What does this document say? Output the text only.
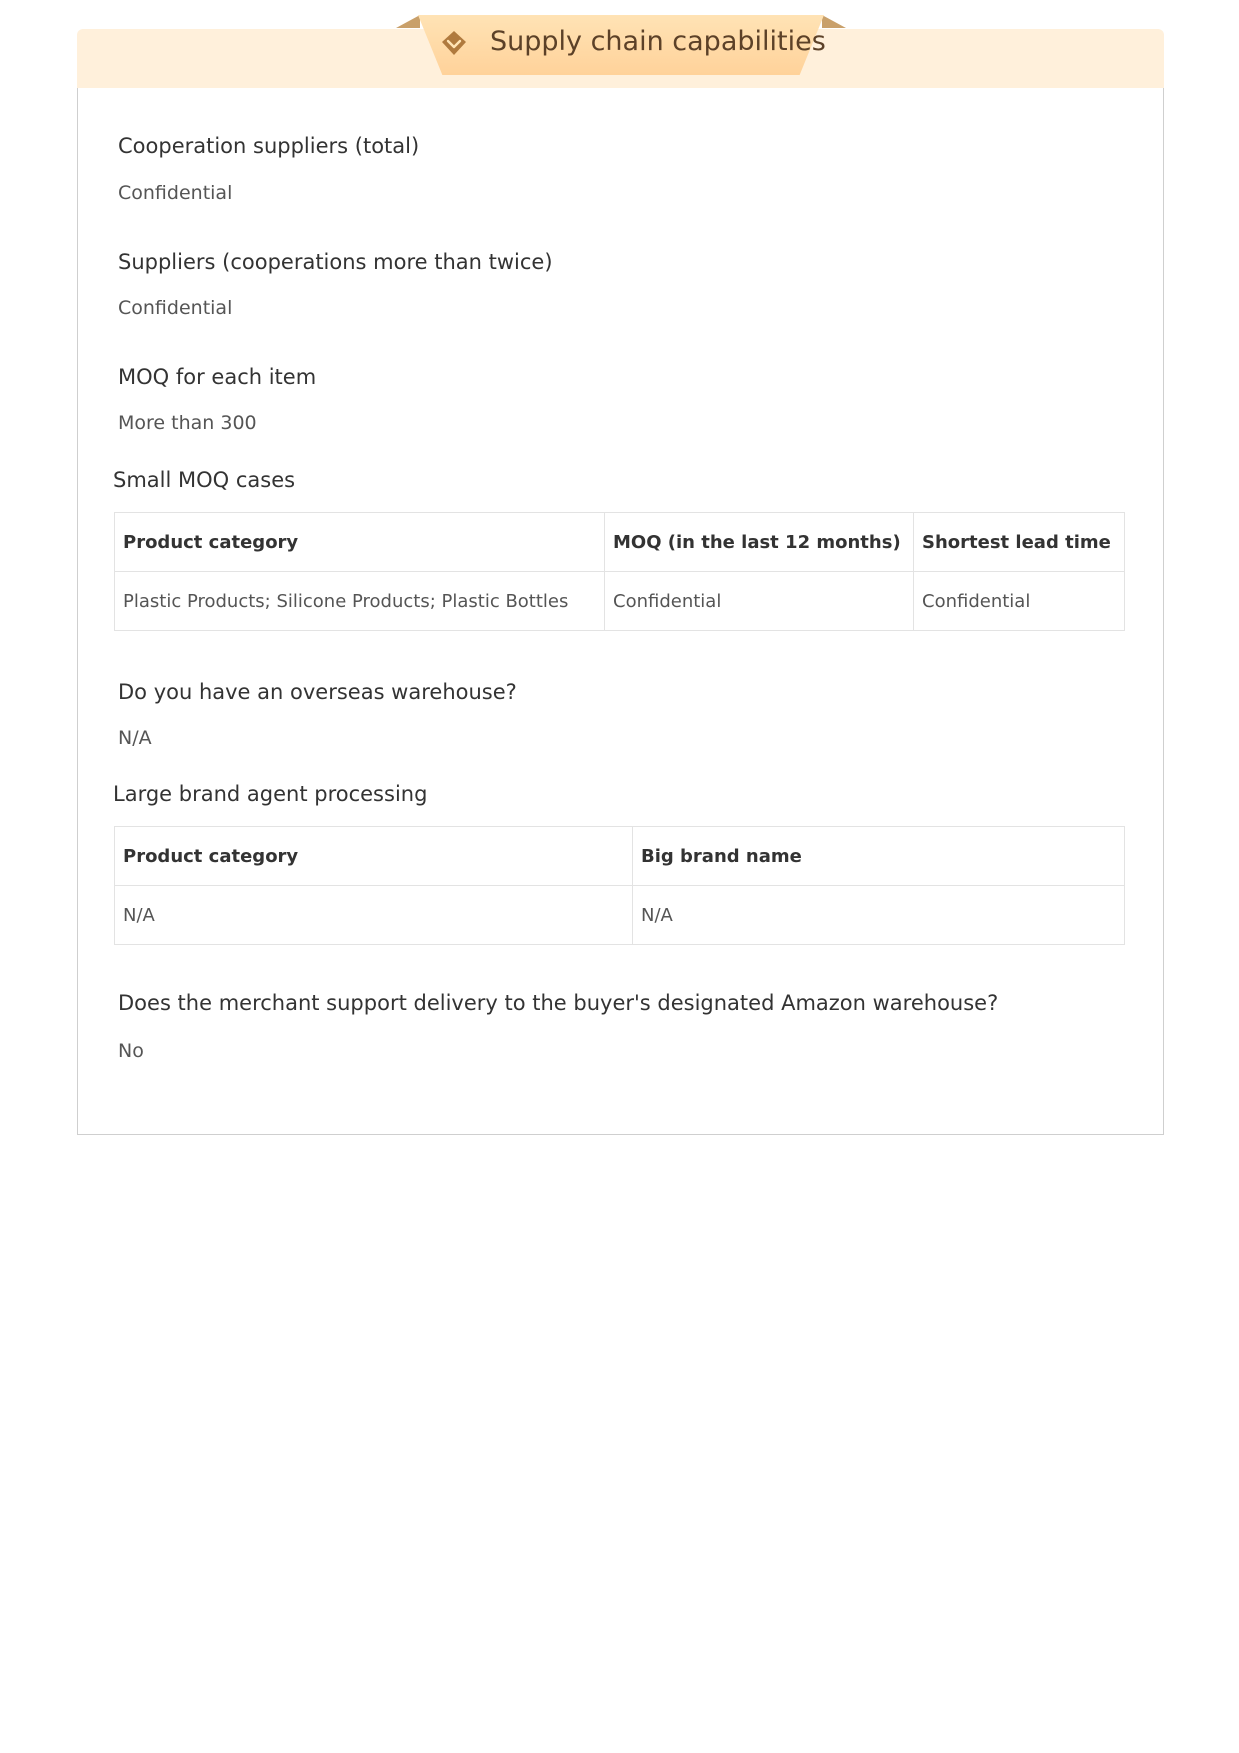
Supply chain capabilities
Cooperation suppliers (total)
Confidential
Suppliers (cooperations more than twice)
Confidential
MOQ for each item
More than 300
Small MOQ cases
Product category	MOQ (in the last 12 months)	Shortest lead time
Plastic Products; Silicone Products; Plastic Bottles	Confidential	Confidential
Do you have an overseas warehouse?
N/A
Large brand agent processing
Product category	Big brand name
N/A	N/A
Does the merchant support delivery to the buyer's designated Amazon warehouse?
No
